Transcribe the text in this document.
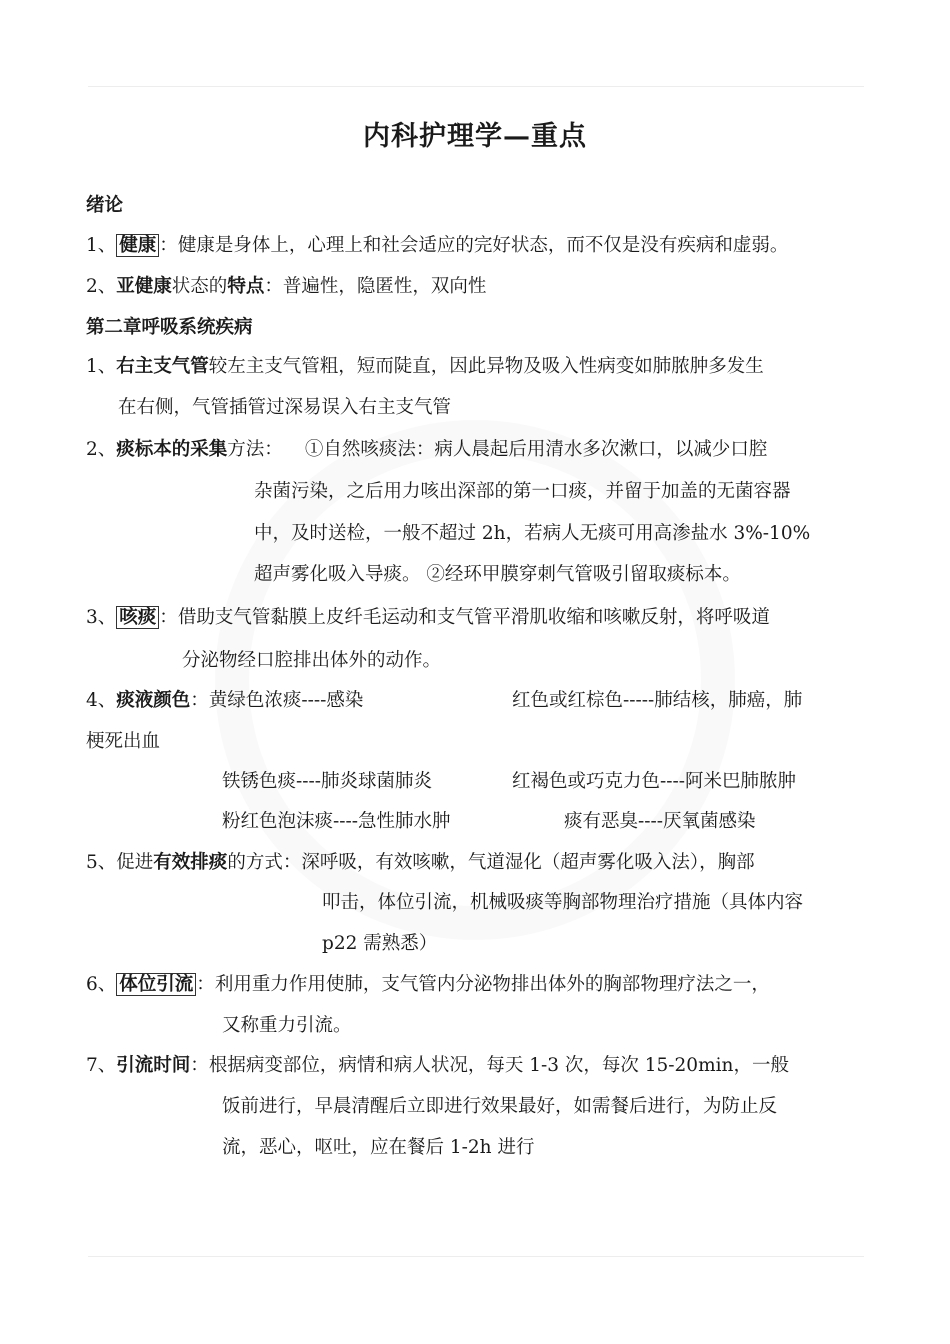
内科护理学—重点
绪论
1、 健康 ：健康是身体上，心理上和社会适应的完好状态，而不仅是没有疾病和虚弱。
2、亚健康状态的特点：普遍性，隐匿性，双向性
第二章呼吸系统疾病
1、右主支气管较左主支气管粗，短而陡直，因此异物及吸入性病变如肺脓肿多发生
在右侧，气管插管过深易误入右主支气管
2、痰标本的采集方法： ①自然咳痰法：病人晨起后用清水多次漱口，以减少口腔
杂菌污染，之后用力咳出深部的第一口痰，并留于加盖的无菌容器
中，及时送检，一般不超过 2h，若病人无痰可用高渗盐水 3%-10%
超声雾化吸入导痰。 ②经环甲膜穿刺气管吸引留取痰标本。
3、 咳痰 ：借助支气管黏膜上皮纤毛运动和支气管平滑肌收缩和咳嗽反射，将呼吸道
分泌物经口腔排出体外的动作。
4、痰液颜色：黄绿色浓痰----感染	红色或红棕色-----肺结核，肺癌，肺
梗死出血
铁锈色痰----肺炎球菌肺炎	红褐色或巧克力色----阿米巴肺脓肿
粉红色泡沫痰----急性肺水肿	痰有恶臭----厌氧菌感染
5、促进有效排痰的方式：深呼吸，有效咳嗽，气道湿化（超声雾化吸入法），胸部
叩击，体位引流，机械吸痰等胸部物理治疗措施（具体内容
p22 需熟悉）
6、 体位引流 ：利用重力作用使肺，支气管内分泌物排出体外的胸部物理疗法之一，
又称重力引流。
7、引流时间：根据病变部位，病情和病人状况，每天 1-3 次，每次 15-20min，一般
饭前进行，早晨清醒后立即进行效果最好，如需餐后进行，为防止反
流，恶心，呕吐，应在餐后 1-2h 进行
